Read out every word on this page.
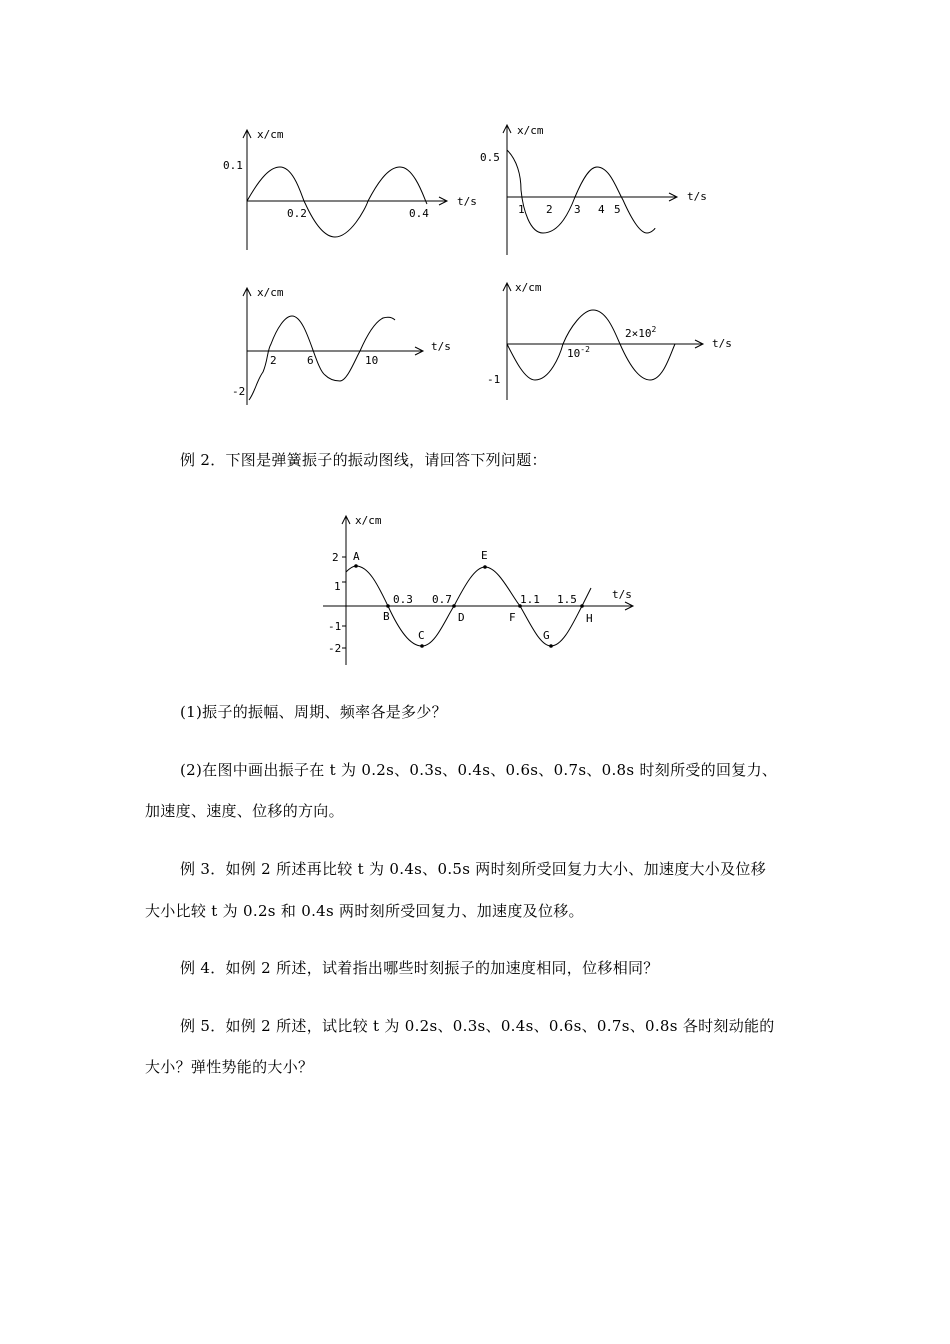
x/cm
t/s
0.1
0.2	0.4
x/cm
t/s
0.5
1 2 3 4 5
x/cm
t/s
-2
2	6	10
x/cm
t/s
-1
$10^{-2}$
$2\times 10^2$

例 2．下图是弹簧振子的振动图线，请回答下列问题：

x/cm
t/s
2
1
-1
-2
0.3 0.7	1.1 1.5
A
B
C
D
E
F
G
H

(1)振子的振幅、周期、频率各是多少？

(2)在图中画出振子在 t 为 0.2s、0.3s、0.4s、0.6s、0.7s、0.8s 时刻所受的回复力、

加速度、速度、位移的方向。

例 3．如例 2 所述再比较 t 为 0.4s、0.5s 两时刻所受回复力大小、加速度大小及位移

大小比较 t 为 0.2s 和 0.4s 两时刻所受回复力、加速度及位移。

例 4．如例 2 所述，试着指出哪些时刻振子的加速度相同，位移相同？

例 5．如例 2 所述，试比较 t 为 0.2s、0.3s、0.4s、0.6s、0.7s、0.8s 各时刻动能的

大小？弹性势能的大小？
